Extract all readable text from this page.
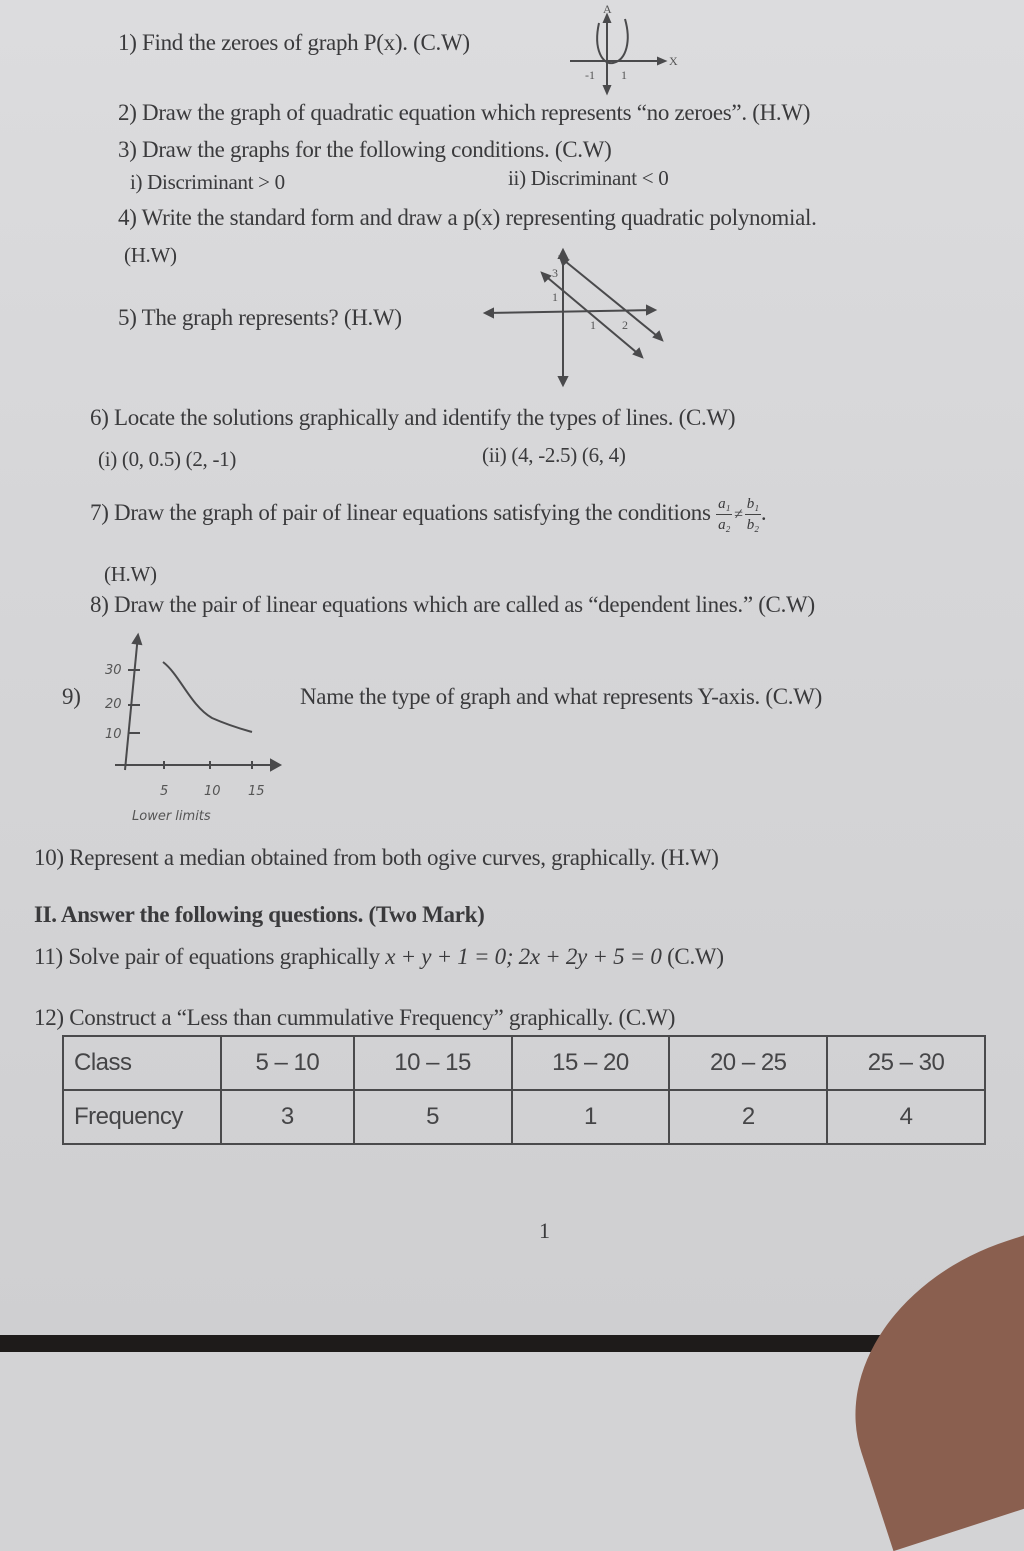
1) Find the zeroes of graph P(x). (C.W)
X
A
-1 1
2) Draw the graph of quadratic equation which represents “no zeroes”. (H.W)
3) Draw the graphs for the following conditions. (C.W)
i) Discriminant > 0	ii) Discriminant < 0
4) Write the standard form and draw a p(x) representing quadratic polynomial.
(H.W)
5) The graph represents? (H.W)
3
1
1 2
6) Locate the solutions graphically and identify the types of lines. (C.W)
(i) (0, 0.5) (2, -1)	(ii) (4, -2.5) (6, 4)
7) Draw the graph of pair of linear equations satisfying the conditions $\frac{\text{a₁}}{\text{a₂}} \ne \frac{\text{b₁}}{\text{b₂}}$ .
(H.W)
8) Draw the pair of linear equations which are called as “dependent lines.” (C.W)
9)
30
20
10
5	10 15
Lower limits
Name the type of graph and what represents Y-axis. (C.W)
10) Represent a median obtained from both ogive curves, graphically. (H.W)
II. Answer the following questions. (Two Mark)
11) Solve pair of equations graphically x + y + 1 = 0; 2x + 2y + 5 = 0 (C.W)
12) Construct a “Less than cummulative Frequency” graphically. (C.W)
Class	5 – 10	10 – 15	15 – 20	20 – 25	25 – 30
Frequency	3	5	1	2	4
1
